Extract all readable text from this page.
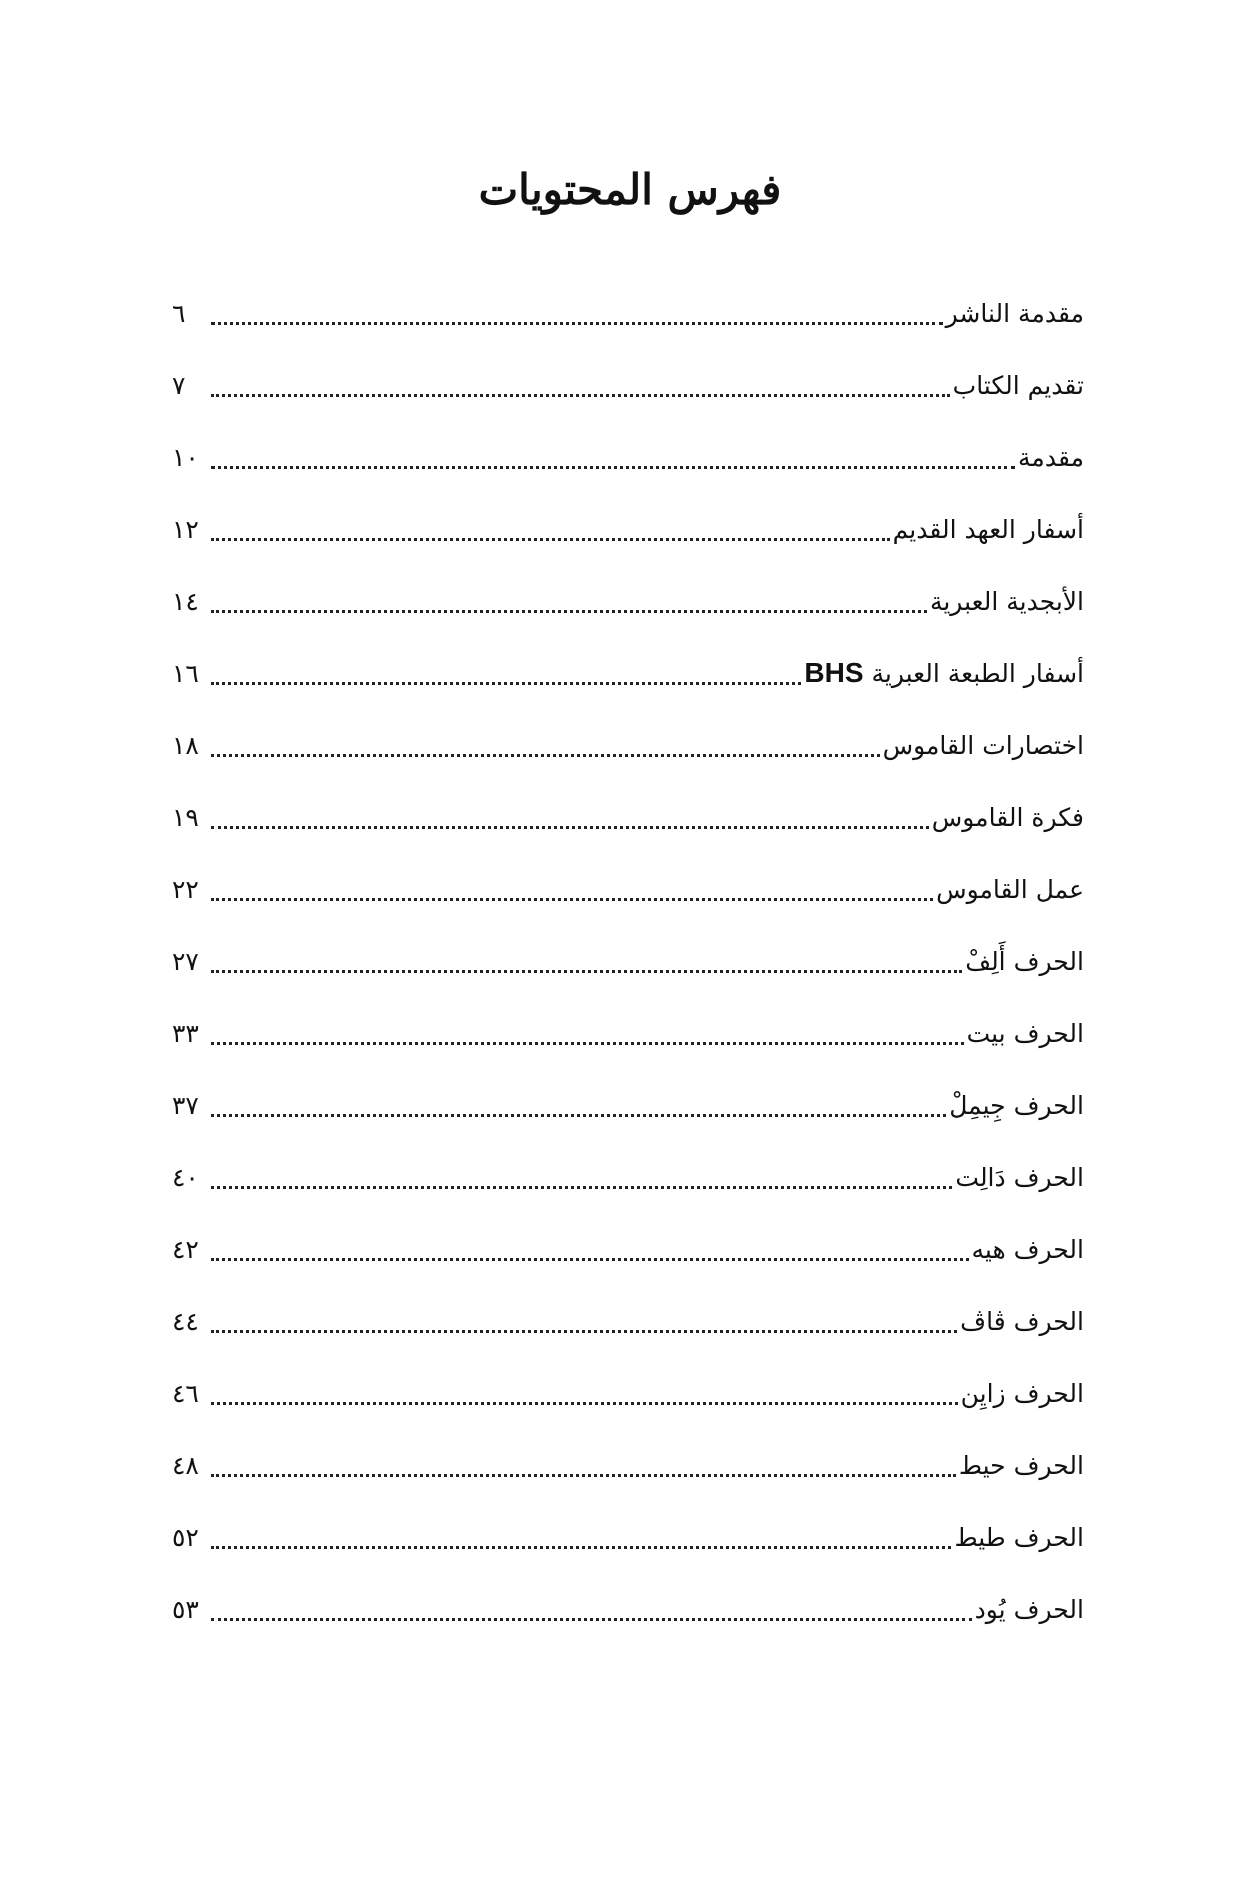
فهرس المحتويات
مقدمة الناشر
٦
تقديم الكتاب
٧
مقدمة
١٠
أسفار العهد القديم
١٢
الأبجدية العبرية
١٤
أسفار الطبعة العبرية BHS
١٦
اختصارات القاموس
١٨
فكرة القاموس
١٩
عمل القاموس
٢٢
الحرف أَلِفْ
٢٧
الحرف بيت
٣٣
الحرف جِيمِلْ
٣٧
الحرف دَالِت
٤٠
الحرف هيه
٤٢
الحرف ڤاڤ
٤٤
الحرف زايِن
٤٦
الحرف حيط
٤٨
الحرف طيط
٥٢
الحرف يُود
٥٣
